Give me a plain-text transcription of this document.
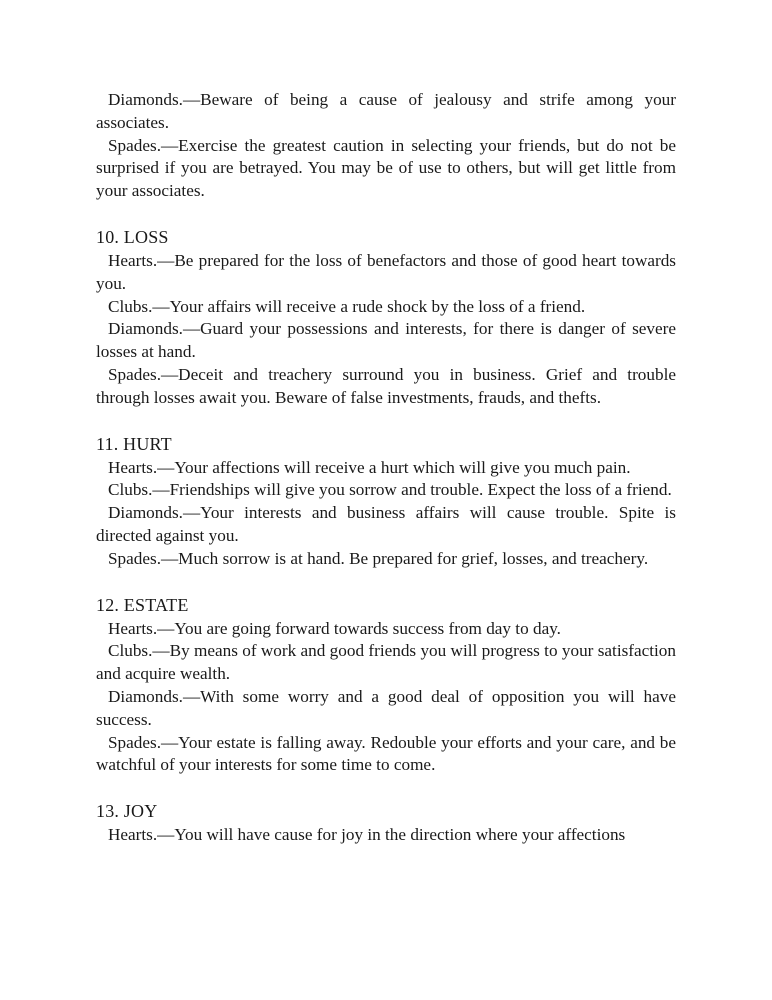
Diamonds.—Beware of being a cause of jealousy and strife among your associates.

Spades.—Exercise the greatest caution in selecting your friends, but do not be surprised if you are betrayed. You may be of use to others, but will get little from your associates.

10. LOSS

Hearts.—Be prepared for the loss of benefactors and those of good heart towards you.

Clubs.—Your affairs will receive a rude shock by the loss of a friend.

Diamonds.—Guard your possessions and interests, for there is danger of severe losses at hand.

Spades.—Deceit and treachery surround you in business. Grief and trouble through losses await you. Beware of false investments, frauds, and thefts.

11. HURT

Hearts.—Your affections will receive a hurt which will give you much pain.

Clubs.—Friendships will give you sorrow and trouble. Expect the loss of a friend.

Diamonds.—Your interests and business affairs will cause trouble. Spite is directed against you.

Spades.—Much sorrow is at hand. Be prepared for grief, losses, and treachery.

12. ESTATE

Hearts.—You are going forward towards success from day to day.

Clubs.—By means of work and good friends you will progress to your satisfaction and acquire wealth.

Diamonds.—With some worry and a good deal of opposition you will have success.

Spades.—Your estate is falling away. Redouble your efforts and your care, and be watchful of your interests for some time to come.

13. JOY

Hearts.—You will have cause for joy in the direction where your affections
